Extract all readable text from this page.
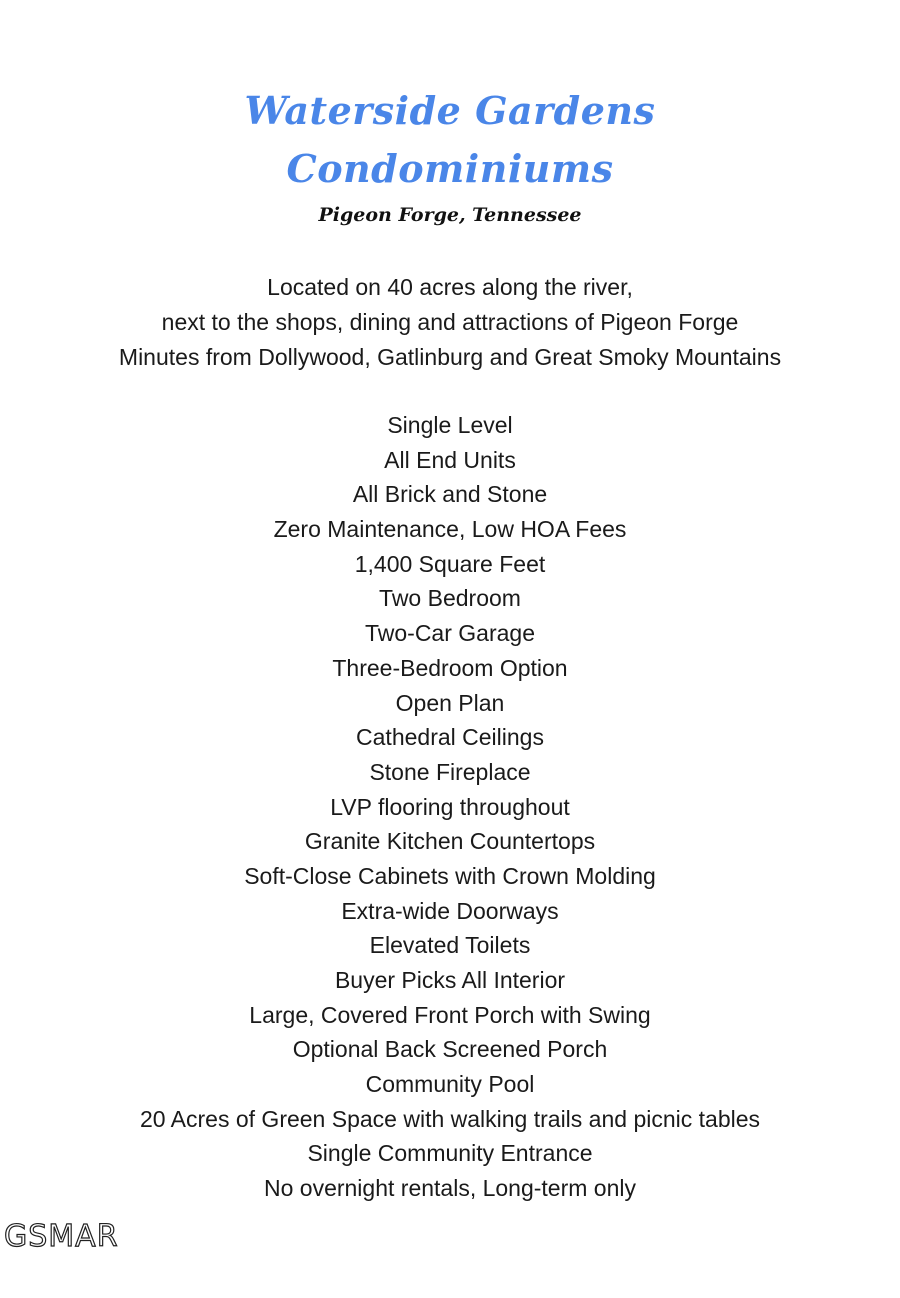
Waterside Gardens
Condominiums
Pigeon Forge, Tennessee
Located on 40 acres along the river,
next to the shops, dining and attractions of Pigeon Forge
Minutes from Dollywood, Gatlinburg and Great Smoky Mountains
Single Level
All End Units
All Brick and Stone
Zero Maintenance, Low HOA Fees
1,400 Square Feet
Two Bedroom
Two-Car Garage
Three-Bedroom Option
Open Plan
Cathedral Ceilings
Stone Fireplace
LVP flooring throughout
Granite Kitchen Countertops
Soft-Close Cabinets with Crown Molding
Extra-wide Doorways
Elevated Toilets
Buyer Picks All Interior
Large, Covered Front Porch with Swing
Optional Back Screened Porch
Community Pool
20 Acres of Green Space with walking trails and picnic tables
Single Community Entrance
No overnight rentals, Long-term only
GSMAR
